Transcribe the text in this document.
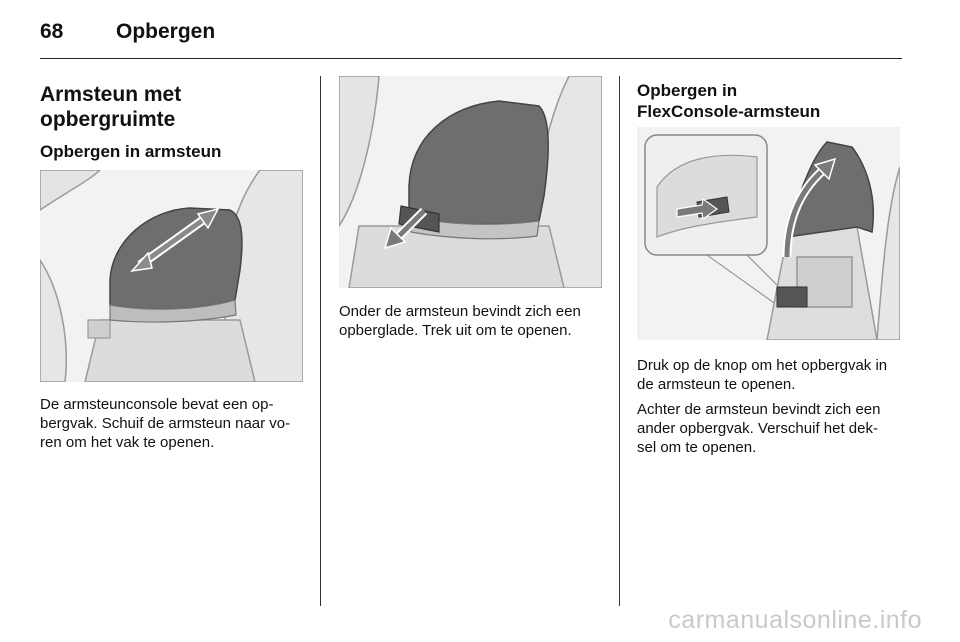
68	Opbergen
Armsteun met
opbergruimte
Opbergen in armsteun
De armsteunconsole bevat een op-
bergvak. Schuif de armsteun naar vo-
ren om het vak te openen.
Onder de armsteun bevindt zich een
opberglade. Trek uit om te openen.
Opbergen in
FlexConsole-armsteun
Druk op de knop om het opbergvak in
de armsteun te openen.
Achter de armsteun bevindt zich een
ander opbergvak. Verschuif het dek-
sel om te openen.
carmanualsonline.info
